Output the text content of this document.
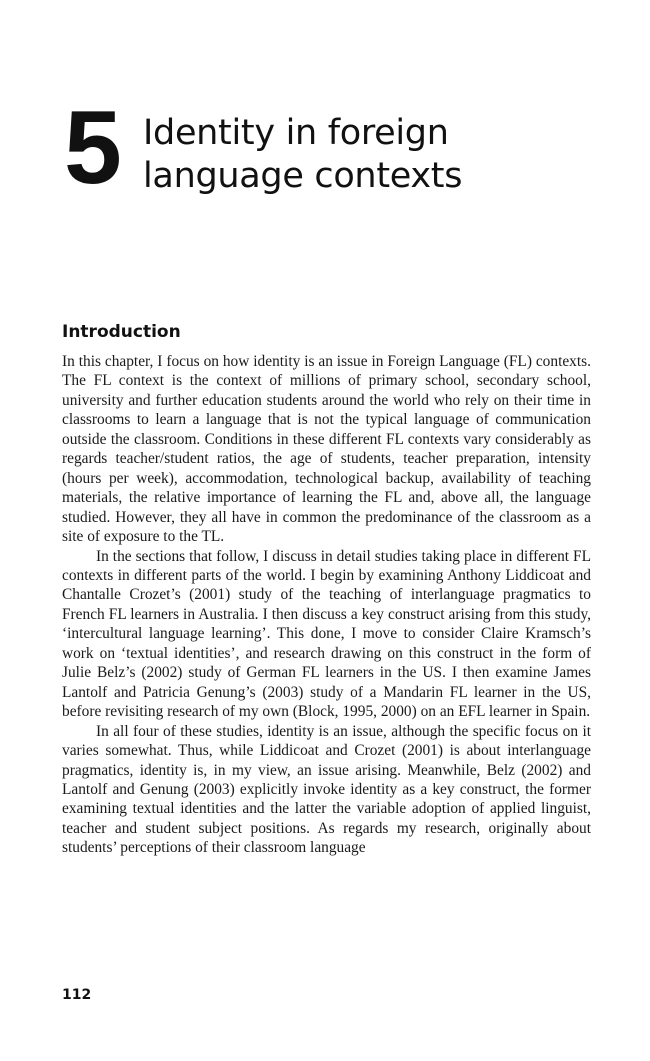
5 Identity in foreign language contexts
Introduction

In this chapter, I focus on how identity is an issue in Foreign Language (FL) contexts. The FL context is the context of millions of primary school, secondary school, university and further education students around the world who rely on their time in classrooms to learn a language that is not the typical language of communication outside the classroom. Conditions in these different FL contexts vary considerably as regards teacher/student ratios, the age of students, teacher preparation, intensity (hours per week), accommodation, technological backup, availability of teaching materials, the relative importance of learning the FL and, above all, the language studied. However, they all have in common the predominance of the classroom as a site of exposure to the TL.

In the sections that follow, I discuss in detail studies taking place in different FL contexts in different parts of the world. I begin by examining Anthony Liddicoat and Chantalle Crozet’s (2001) study of the teaching of interlanguage pragmatics to French FL learners in Australia. I then discuss a key construct arising from this study, ‘intercultural language learning’. This done, I move to consider Claire Kramsch’s work on ‘textual identities’, and research drawing on this construct in the form of Julie Belz’s (2002) study of German FL learners in the US. I then examine James Lantolf and Patricia Genung’s (2003) study of a Mandarin FL learner in the US, before revisiting research of my own (Block, 1995, 2000) on an EFL learner in Spain.

In all four of these studies, identity is an issue, although the specific focus on it varies somewhat. Thus, while Liddicoat and Crozet (2001) is about interlanguage pragmatics, identity is, in my view, an issue arising. Meanwhile, Belz (2002) and Lantolf and Genung (2003) explicitly invoke identity as a key construct, the former examining textual identities and the latter the variable adoption of applied linguist, teacher and student subject positions. As regards my research, originally about students’ perceptions of their classroom language

112
